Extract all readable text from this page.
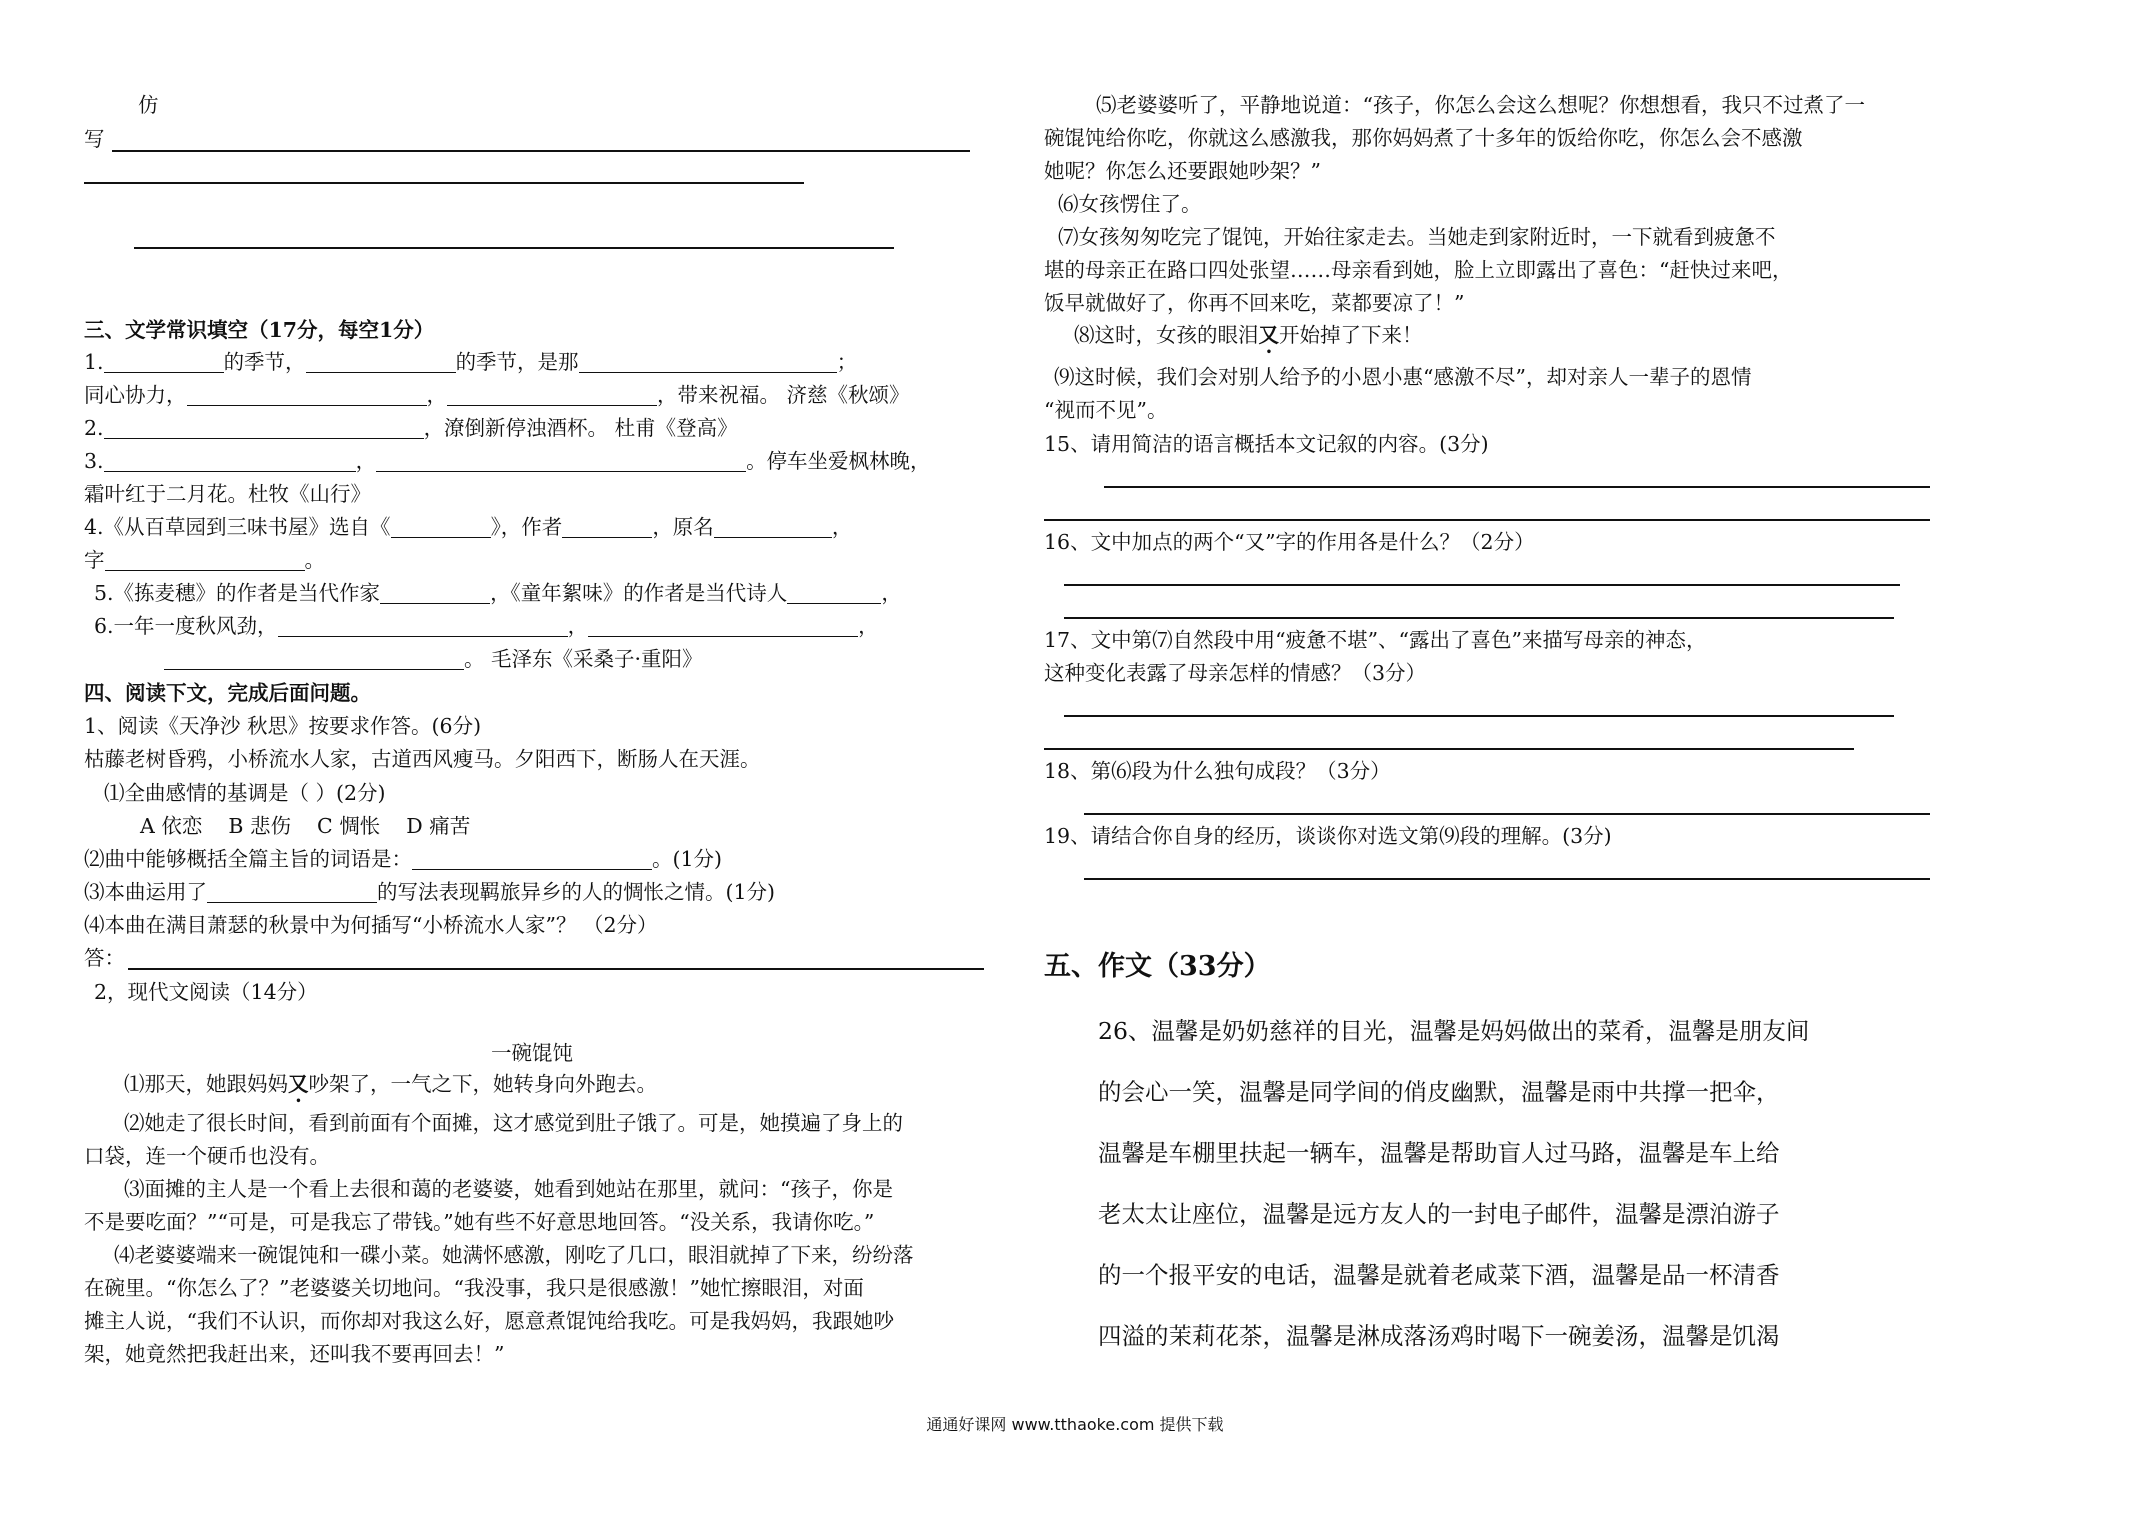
仿
写
三、文学常识填空（17分，每空1分）
1.	的季节，	的季节，是那	；
同心协力，	，	，带来祝福。 济慈《秋颂》
2.	，潦倒新停浊酒杯。 杜甫《登高》
3.	，	。停车坐爱枫林晚，
霜叶红于二月花。杜牧《山行》
4.《从百草园到三味书屋》选自《	》，作者	，原名	，
字	。
5.《拣麦穗》的作者是当代作家	，《童年絮味》的作者是当代诗人	，
6.一年一度秋风劲，	，	，
。 毛泽东《采桑子·重阳》
四、阅读下文，完成后面问题。
1、阅读《天净沙 秋思》按要求作答。(6分)
枯藤老树昏鸦，小桥流水人家，古道西风瘦马。夕阳西下，断肠人在天涯。
⑴全曲感情的基调是（ ）(2分)
A 依恋    B 悲伤    C 惆怅    D 痛苦
⑵曲中能够概括全篇主旨的词语是：	。(1分)
⑶本曲运用了	的写法表现羁旅异乡的人的惆怅之情。(1分)
⑷本曲在满目萧瑟的秋景中为何插写“小桥流水人家”？ （2分）
答：
2，现代文阅读（14分）
一碗馄饨
⑴那天，她跟妈妈又吵架了，一气之下，她转身向外跑去。
⑵她走了很长时间，看到前面有个面摊，这才感觉到肚子饿了。可是，她摸遍了身上的
口袋，连一个硬币也没有。
⑶面摊的主人是一个看上去很和蔼的老婆婆，她看到她站在那里，就问：“孩子，你是
不是要吃面？”“可是，可是我忘了带钱。”她有些不好意思地回答。“没关系，我请你吃。”
⑷老婆婆端来一碗馄饨和一碟小菜。她满怀感激，刚吃了几口，眼泪就掉了下来，纷纷落
在碗里。“你怎么了？”老婆婆关切地问。“我没事，我只是很感激！”她忙擦眼泪，对面
摊主人说，“我们不认识，而你却对我这么好，愿意煮馄饨给我吃。可是我妈妈，我跟她吵
架，她竟然把我赶出来，还叫我不要再回去！”
⑸老婆婆听了，平静地说道：“孩子，你怎么会这么想呢？你想想看，我只不过煮了一
碗馄饨给你吃，你就这么感激我，那你妈妈煮了十多年的饭给你吃，你怎么会不感激
她呢？你怎么还要跟她吵架？”
⑹女孩愣住了。
⑺女孩匆匆吃完了馄饨，开始往家走去。当她走到家附近时，一下就看到疲惫不
堪的母亲正在路口四处张望……母亲看到她，脸上立即露出了喜色：“赶快过来吧，
饭早就做好了，你再不回来吃，菜都要凉了！”
⑻这时，女孩的眼泪又开始掉了下来！
⑼这时候，我们会对别人给予的小恩小惠“感激不尽”，却对亲人一辈子的恩情
“视而不见”。
15、请用简洁的语言概括本文记叙的内容。(3分)
16、文中加点的两个“又”字的作用各是什么？（2分）
17、文中第⑺自然段中用“疲惫不堪”、“露出了喜色”来描写母亲的神态，
这种变化表露了母亲怎样的情感？（3分）
18、第⑹段为什么独句成段？（3分）
19、请结合你自身的经历，谈谈你对选文第⑼段的理解。(3分)
五、作文（33分）
26、温馨是奶奶慈祥的目光，温馨是妈妈做出的菜肴，温馨是朋友间
的会心一笑，温馨是同学间的俏皮幽默，温馨是雨中共撑一把伞，
温馨是车棚里扶起一辆车，温馨是帮助盲人过马路，温馨是车上给
老太太让座位，温馨是远方友人的一封电子邮件，温馨是漂泊游子
的一个报平安的电话，温馨是就着老咸菜下酒，温馨是品一杯清香
四溢的茉莉花茶，温馨是淋成落汤鸡时喝下一碗姜汤，温馨是饥渴
通通好课网 www.tthaoke.com 提供下载
